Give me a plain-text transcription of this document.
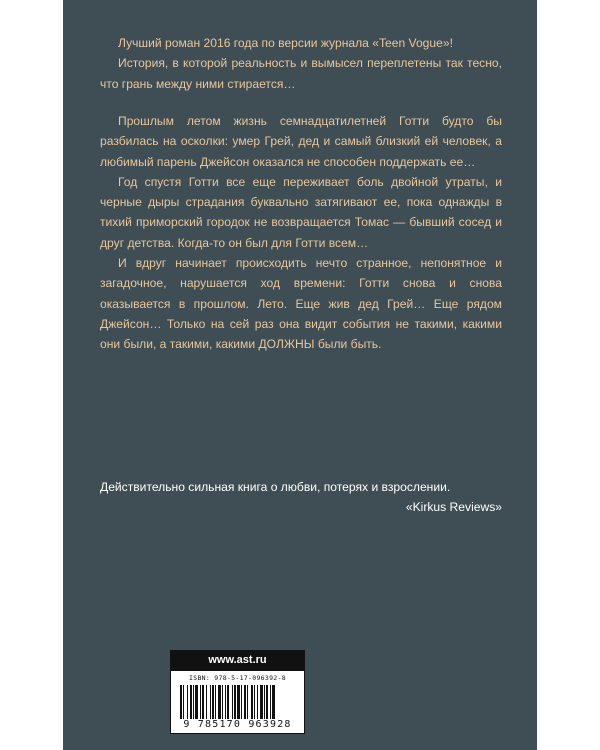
Лучший роман 2016 года по версии журнала «Teen Vogue»!

История, в которой реальность и вымысел переплетены так тесно, что грань между ними стирается…

Прошлым летом жизнь семнадцатилетней Готти будто бы разбилась на осколки: умер Грей, дед и самый близкий ей человек, а любимый парень Джейсон оказался не способен поддержать ее…

Год спустя Готти все еще переживает боль двойной утраты, и черные дыры страдания буквально затягивают ее, пока однажды в тихий приморский городок не возвращается Томас — бывший сосед и друг детства. Когда-то он был для Готти всем…

И вдруг начинает происходить нечто странное, непонятное и загадочное, нарушается ход времени: Готти снова и снова оказывается в прошлом. Лето. Еще жив дед Грей… Еще рядом Джейсон… Только на сей раз она видит события не такими, какими они были, а такими, какими ДОЛЖНЫ были быть.

Действительно сильная книга о любви, потерях и взрослении.

«Kirkus Reviews»

www.ast.ru
ISBN: 978-5-17-096392-8
9 785170 963928
